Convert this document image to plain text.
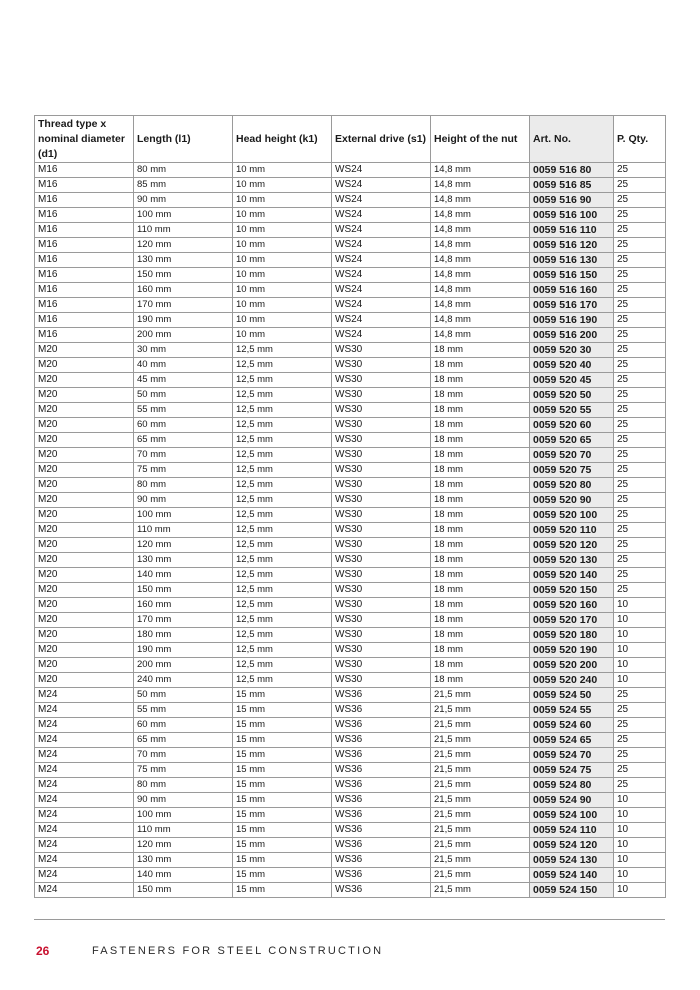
Thread type x nominal diameter (d1)	Length (l1)	Head height (k1)	External drive (s1)	Height of the nut	Art. No.	P. Qty.
M16	80 mm	10 mm	WS24	14,8 mm	0059 516 80	25
M16	85 mm	10 mm	WS24	14,8 mm	0059 516 85	25
M16	90 mm	10 mm	WS24	14,8 mm	0059 516 90	25
M16	100 mm	10 mm	WS24	14,8 mm	0059 516 100	25
M16	110 mm	10 mm	WS24	14,8 mm	0059 516 110	25
M16	120 mm	10 mm	WS24	14,8 mm	0059 516 120	25
M16	130 mm	10 mm	WS24	14,8 mm	0059 516 130	25
M16	150 mm	10 mm	WS24	14,8 mm	0059 516 150	25
M16	160 mm	10 mm	WS24	14,8 mm	0059 516 160	25
M16	170 mm	10 mm	WS24	14,8 mm	0059 516 170	25
M16	190 mm	10 mm	WS24	14,8 mm	0059 516 190	25
M16	200 mm	10 mm	WS24	14,8 mm	0059 516 200	25
M20	30 mm	12,5 mm	WS30	18 mm	0059 520 30	25
M20	40 mm	12,5 mm	WS30	18 mm	0059 520 40	25
M20	45 mm	12,5 mm	WS30	18 mm	0059 520 45	25
M20	50 mm	12,5 mm	WS30	18 mm	0059 520 50	25
M20	55 mm	12,5 mm	WS30	18 mm	0059 520 55	25
M20	60 mm	12,5 mm	WS30	18 mm	0059 520 60	25
M20	65 mm	12,5 mm	WS30	18 mm	0059 520 65	25
M20	70 mm	12,5 mm	WS30	18 mm	0059 520 70	25
M20	75 mm	12,5 mm	WS30	18 mm	0059 520 75	25
M20	80 mm	12,5 mm	WS30	18 mm	0059 520 80	25
M20	90 mm	12,5 mm	WS30	18 mm	0059 520 90	25
M20	100 mm	12,5 mm	WS30	18 mm	0059 520 100	25
M20	110 mm	12,5 mm	WS30	18 mm	0059 520 110	25
M20	120 mm	12,5 mm	WS30	18 mm	0059 520 120	25
M20	130 mm	12,5 mm	WS30	18 mm	0059 520 130	25
M20	140 mm	12,5 mm	WS30	18 mm	0059 520 140	25
M20	150 mm	12,5 mm	WS30	18 mm	0059 520 150	25
M20	160 mm	12,5 mm	WS30	18 mm	0059 520 160	10
M20	170 mm	12,5 mm	WS30	18 mm	0059 520 170	10
M20	180 mm	12,5 mm	WS30	18 mm	0059 520 180	10
M20	190 mm	12,5 mm	WS30	18 mm	0059 520 190	10
M20	200 mm	12,5 mm	WS30	18 mm	0059 520 200	10
M20	240 mm	12,5 mm	WS30	18 mm	0059 520 240	10
M24	50 mm	15 mm	WS36	21,5 mm	0059 524 50	25
M24	55 mm	15 mm	WS36	21,5 mm	0059 524 55	25
M24	60 mm	15 mm	WS36	21,5 mm	0059 524 60	25
M24	65 mm	15 mm	WS36	21,5 mm	0059 524 65	25
M24	70 mm	15 mm	WS36	21,5 mm	0059 524 70	25
M24	75 mm	15 mm	WS36	21,5 mm	0059 524 75	25
M24	80 mm	15 mm	WS36	21,5 mm	0059 524 80	25
M24	90 mm	15 mm	WS36	21,5 mm	0059 524 90	10
M24	100 mm	15 mm	WS36	21,5 mm	0059 524 100	10
M24	110 mm	15 mm	WS36	21,5 mm	0059 524 110	10
M24	120 mm	15 mm	WS36	21,5 mm	0059 524 120	10
M24	130 mm	15 mm	WS36	21,5 mm	0059 524 130	10
M24	140 mm	15 mm	WS36	21,5 mm	0059 524 140	10
M24	150 mm	15 mm	WS36	21,5 mm	0059 524 150	10
26	FASTENERS FOR STEEL CONSTRUCTION
